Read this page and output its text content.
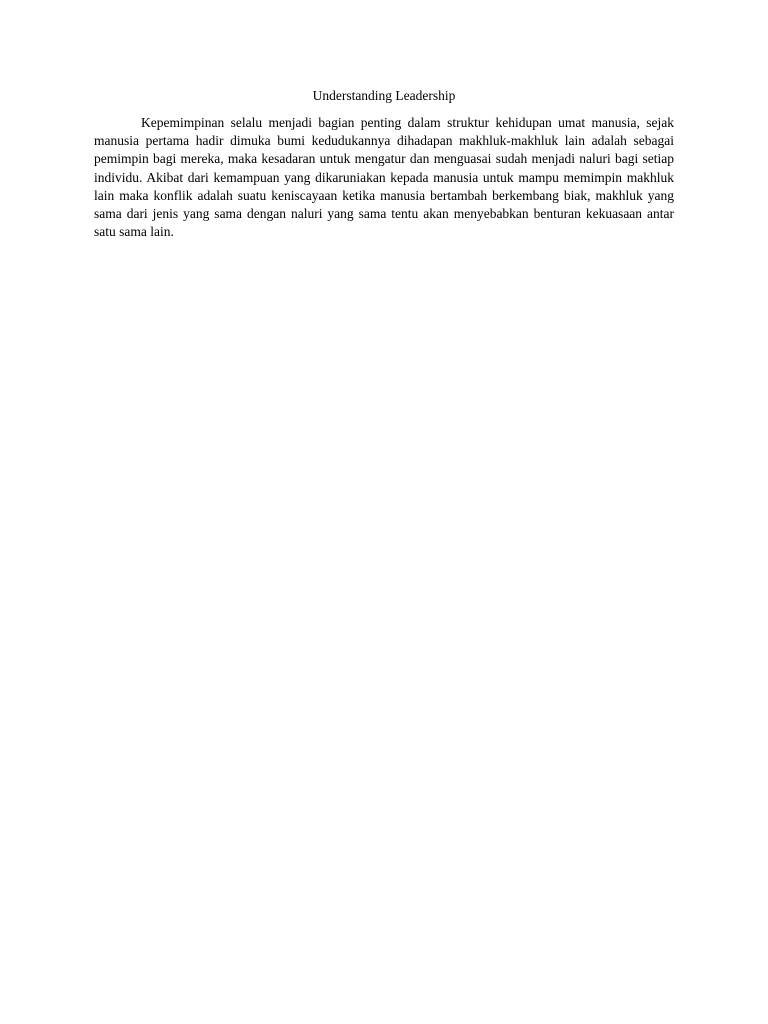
Understanding Leadership

Kepemimpinan selalu menjadi bagian penting dalam struktur kehidupan umat manusia, sejak manusia pertama hadir dimuka bumi kedudukannya dihadapan makhluk-makhluk lain adalah sebagai pemimpin bagi mereka, maka kesadaran untuk mengatur dan menguasai sudah menjadi naluri bagi setiap individu. Akibat dari kemampuan yang dikaruniakan kepada manusia untuk mampu memimpin makhluk lain maka konflik adalah suatu keniscayaan ketika manusia bertambah berkembang biak, makhluk yang sama dari jenis yang sama dengan naluri yang sama tentu akan menyebabkan benturan kekuasaan antar satu sama lain.
